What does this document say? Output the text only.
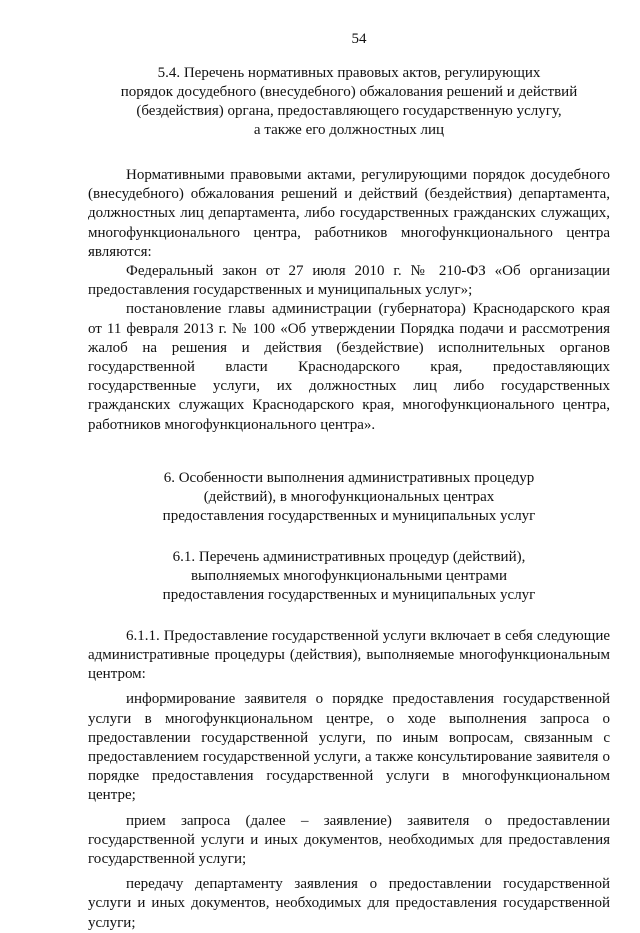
54
5.4. Перечень нормативных правовых актов, регулирующих
порядок досудебного (внесудебного) обжалования решений и действий
(бездействия) органа, предоставляющего государственную услугу,
а также его должностных лиц

Нормативными правовыми актами, регулирующими порядок досудебного (внесудебного) обжалования решений и действий (бездействия) департамента, должностных лиц департамента, либо государственных гражданских служащих, многофункционального центра, работников многофункционального центра являются:

Федеральный закон от 27 июля 2010 г. № 210-ФЗ «Об организации предоставления государственных и муниципальных услуг»;

постановление главы администрации (губернатора) Краснодарского края от 11 февраля 2013 г. № 100 «Об утверждении Порядка подачи и рассмотрения жалоб на решения и действия (бездействие) исполнительных органов государственной власти Краснодарского края, предоставляющих государственные услуги, их должностных лиц либо государственных гражданских служащих Краснодарского края, многофункционального центра, работников многофункционального центра».

6. Особенности выполнения административных процедур
(действий), в многофункциональных центрах
предоставления государственных и муниципальных услуг
6.1. Перечень административных процедур (действий),
выполняемых многофункциональными центрами
предоставления государственных и муниципальных услуг

6.1.1. Предоставление государственной услуги включает в себя следующие административные процедуры (действия), выполняемые многофункциональным центром:

информирование заявителя о порядке предоставления государственной услуги в многофункциональном центре, о ходе выполнения запроса о предоставлении государственной услуги, по иным вопросам, связанным с предоставлением государственной услуги, а также консультирование заявителя о порядке предоставления государственной услуги в многофункциональном центре;

прием запроса (далее – заявление) заявителя о предоставлении государственной услуги и иных документов, необходимых для предоставления государственной услуги;

передачу департаменту заявления о предоставлении государственной услуги и иных документов, необходимых для предоставления государственной услуги;
